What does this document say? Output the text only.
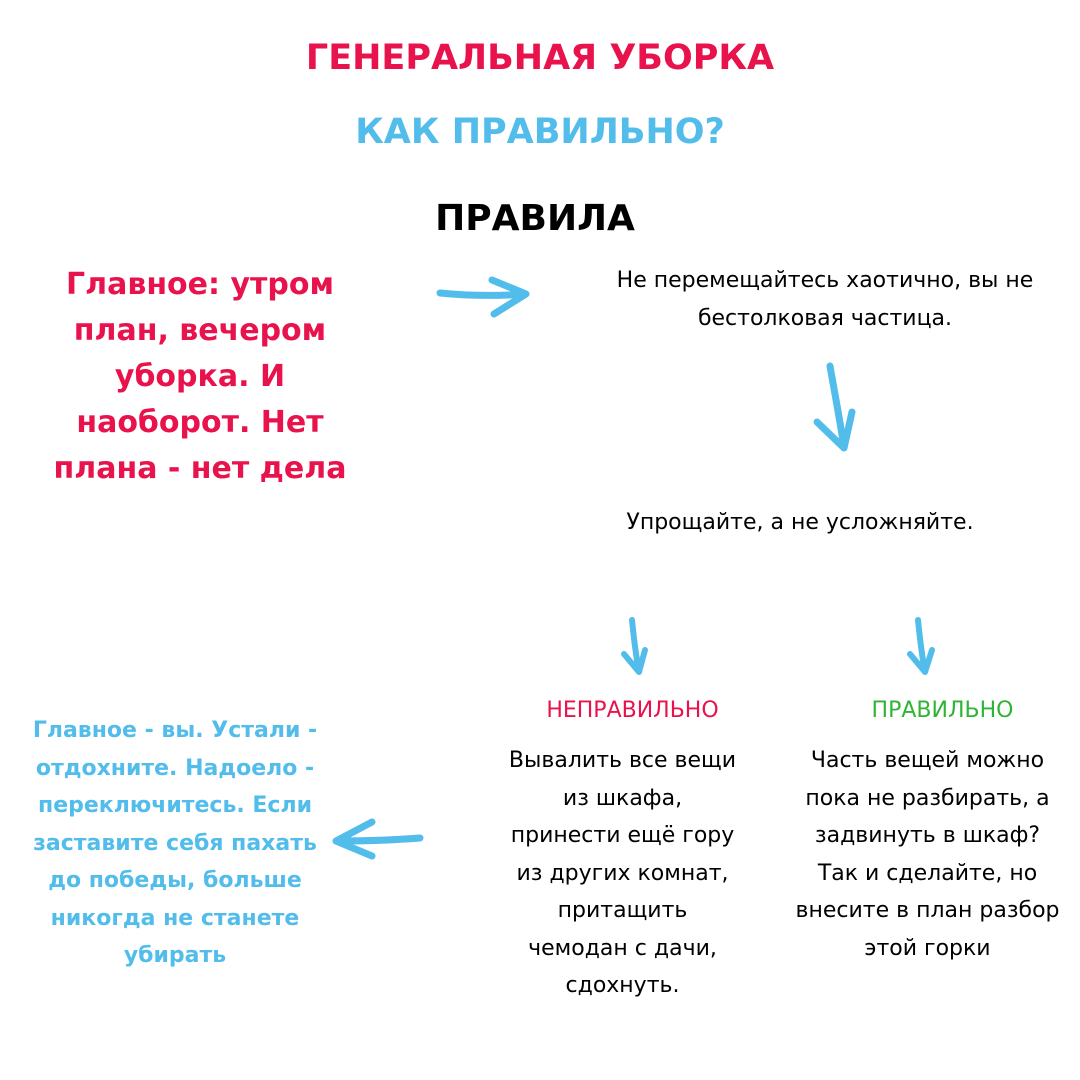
ГЕНЕРАЛЬНАЯ УБОРКА
КАК ПРАВИЛЬНО?
ПРАВИЛА
Главное: утром план, вечером уборка. И наоборот. Нет плана - нет дела
Не перемещайтесь хаотично, вы не бестолковая частица.
Упрощайте, а не усложняйте.
НЕПРАВИЛЬНО	ПРАВИЛЬНО
Вывалить все вещи из шкафа, принести ещё гору из других комнат, притащить чемодан с дачи, сдохнуть.
Часть вещей можно пока не разбирать, а задвинуть в шкаф? Так и сделайте, но внесите в план разбор этой горки
Главное - вы. Устали - отдохните. Надоело - переключитесь. Если заставите себя пахать до победы, больше никогда не станете убирать
